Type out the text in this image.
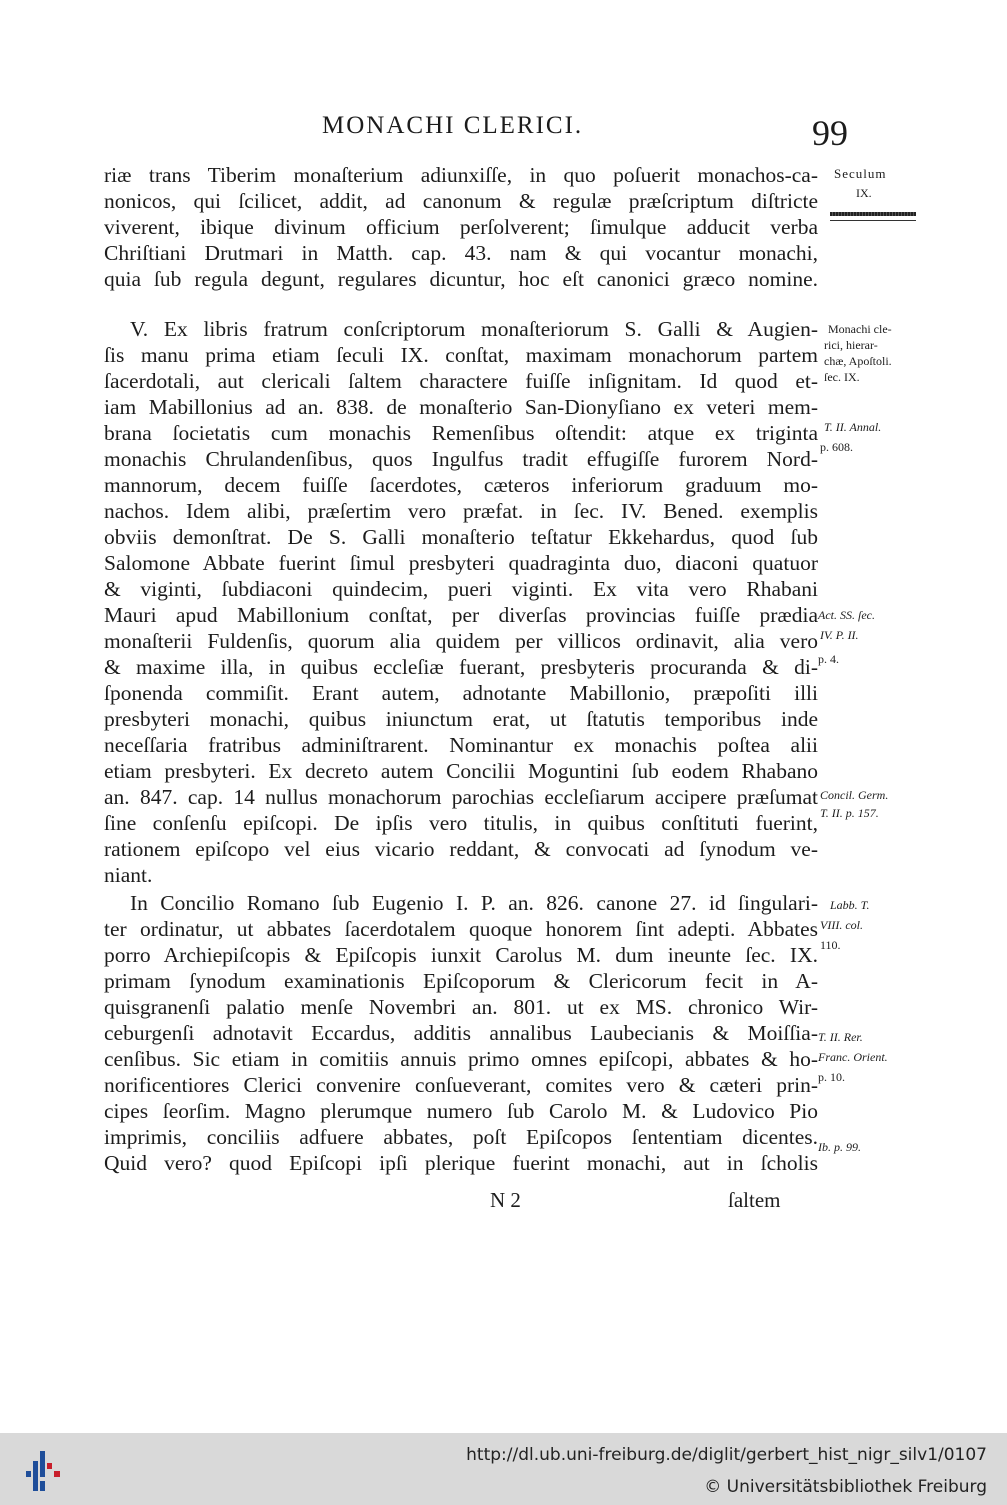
MONACHI CLERICI.	99
riæ trans Tiberim monaſterium adiunxiſſe, in quo poſuerit monachos-ca-
nonicos, qui ſcilicet, addit, ad canonum & regulæ præſcriptum diſtricte
viverent, ibique divinum officium perſolverent; ſimulque adducit verba
Chriſtiani Drutmari in Matth. cap. 43. nam & qui vocantur monachi,
quia ſub regula degunt, regulares dicuntur, hoc eſt canonici græco nomine.
V. Ex libris fratrum conſcriptorum monaſteriorum S. Galli & Augien-
ſis manu prima etiam ſeculi IX. conſtat, maximam monachorum partem
ſacerdotali, aut clericali ſaltem charactere fuiſſe inſignitam. Id quod et-
iam Mabillonius ad an. 838. de monaſterio San-Dionyſiano ex veteri mem-
brana ſocietatis cum monachis Remenſibus oſtendit: atque ex triginta
monachis Chrulandenſibus, quos Ingulfus tradit effugiſſe furorem Nord-
mannorum, decem fuiſſe ſacerdotes, cæteros inferiorum graduum mo-
nachos. Idem alibi, præſertim vero præfat. in ſec. IV. Bened. exemplis
obviis demonſtrat. De S. Galli monaſterio teſtatur Ekkehardus, quod ſub
Salomone Abbate fuerint ſimul presbyteri quadraginta duo, diaconi quatuor
& viginti, ſubdiaconi quindecim, pueri viginti. Ex vita vero Rhabani
Mauri apud Mabillonium conſtat, per diverſas provincias fuiſſe prædia
monaſterii Fuldenſis, quorum alia quidem per villicos ordinavit, alia vero
& maxime illa, in quibus eccleſiæ fuerant, presbyteris procuranda & di-
ſponenda commiſit. Erant autem, adnotante Mabillonio, præpoſiti illi
presbyteri monachi, quibus iniunctum erat, ut ſtatutis temporibus inde
neceſſaria fratribus adminiſtrarent. Nominantur ex monachis poſtea alii
etiam presbyteri. Ex decreto autem Concilii Moguntini ſub eodem Rhabano
an. 847. cap. 14 nullus monachorum parochias eccleſiarum accipere præſumat
ſine conſenſu epiſcopi. De ipſis vero titulis, in quibus conſtituti fuerint,
rationem epiſcopo vel eius vicario reddant, & convocati ad ſynodum ve-
niant.
In Concilio Romano ſub Eugenio I. P. an. 826. canone 27. id ſingulari-
ter ordinatur, ut abbates ſacerdotalem quoque honorem ſint adepti. Abbates
porro Archiepiſcopis & Epiſcopis iunxit Carolus M. dum ineunte ſec. IX.
primam ſynodum examinationis Epiſcoporum & Clericorum fecit in A-
quisgranenſi palatio menſe Novembri an. 801. ut ex MS. chronico Wir-
ceburgenſi adnotavit Eccardus, additis annalibus Laubecianis & Moiſſia-
cenſibus. Sic etiam in comitiis annuis primo omnes epiſcopi, abbates & ho-
norificentiores Clerici convenire conſueverant, comites vero & cæteri prin-
cipes ſeorſim. Magno plerumque numero ſub Carolo M. & Ludovico Pio
imprimis, conciliis adfuere abbates, poſt Epiſcopos ſententiam dicentes.
Quid vero? quod Epiſcopi ipſi plerique fuerint monachi, aut in ſcholis
Seculum
IX.
Monachi cle-
rici, hierar-
chæ, Apoſtoli.
ſec. IX.
T. II. Annal.
p. 608.
Act. SS. ſec.
IV. P. II.
p. 4.
Concil. Germ.
T. II. p. 157.
Labb. T.
VIII. col.
110.
T. II. Rer.
Franc. Orient.
p. 10.
Ib. p. 99.
N 2	ſaltem
http://dl.ub.uni-freiburg.de/diglit/gerbert_hist_nigr_silv1/0107
© Universitätsbibliothek Freiburg
